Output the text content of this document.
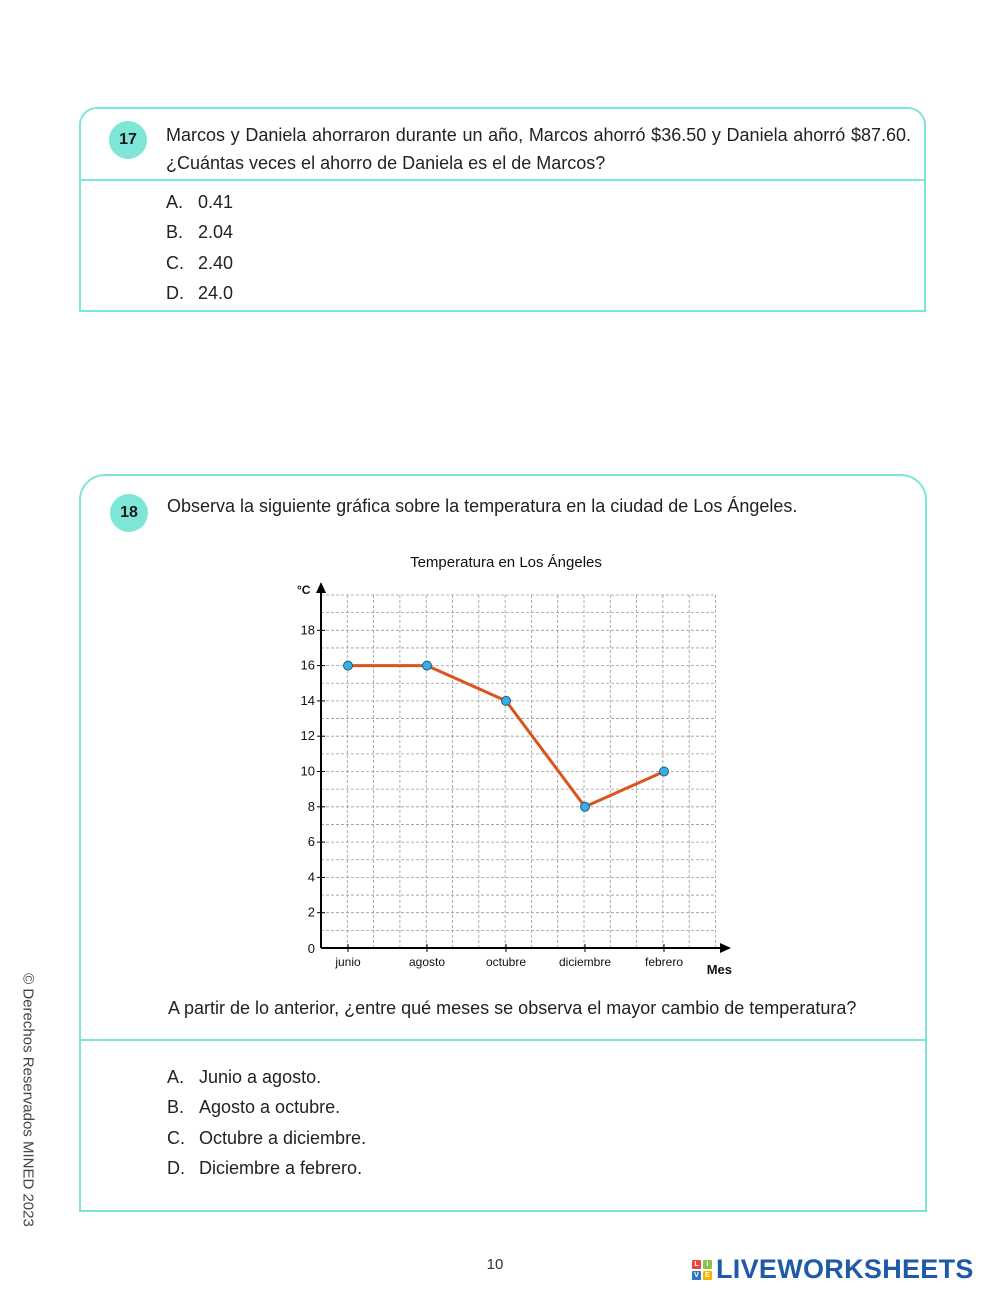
17	Marcos y Daniela ahorraron durante un año, Marcos ahorró $36.50 y Daniela ahorró $87.60. ¿Cuántas veces el ahorro de Daniela es el de Marcos?

A. 0.41
B. 2.04
C. 2.40
D. 24.0
18	Observa la siguiente gráfica sobre la temperatura en la ciudad de Los Ángeles.

Temperatura en Los Ángeles
°C
0
2
4
6
8
10
12
14
16
18
junio	agosto	octubre	diciembre	febrero Mes

A partir de lo anterior, ¿entre qué meses se observa el mayor cambio de temperatura?

A. Junio a agosto.
B. Agosto a octubre.
C. Octubre a diciembre.
D. Diciembre a febrero.
© Derechos Reservados MINED 2023
10	L	I
V E LIVEWORKSHEETS
